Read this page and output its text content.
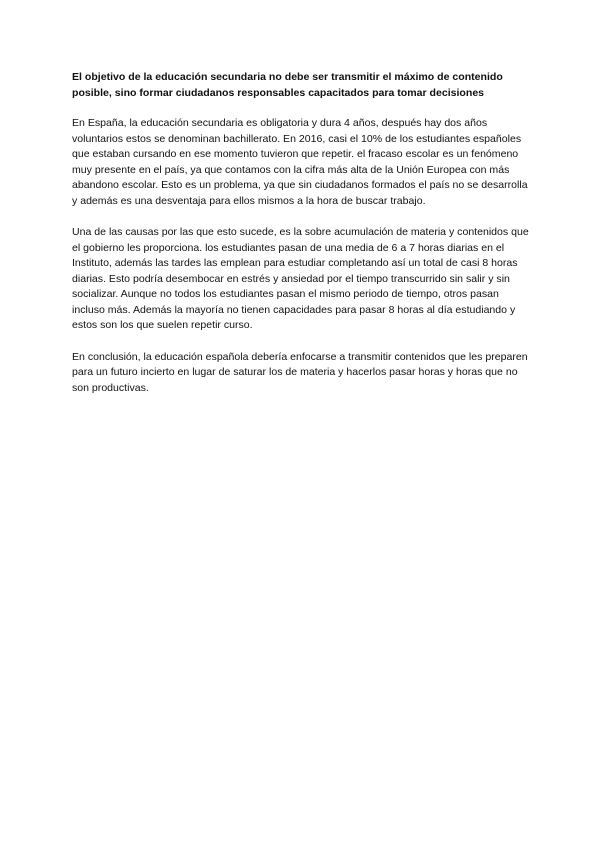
El objetivo de la educación secundaria no debe ser transmitir el máximo de contenido posible, sino formar ciudadanos responsables capacitados para tomar decisiones

En España, la educación secundaria es obligatoria y dura 4 años, después hay dos años voluntarios estos se denominan bachillerato. En 2016, casi el 10% de los estudiantes españoles que estaban cursando en ese momento tuvieron que repetir. el fracaso escolar es un fenómeno muy presente en el país, ya que contamos con la cifra más alta de la Unión Europea con más abandono escolar. Esto es un problema, ya que sin ciudadanos formados el país no se desarrolla y además es una desventaja para ellos mismos a la hora de buscar trabajo.

Una de las causas por las que esto sucede, es la sobre acumulación de materia y contenidos que el gobierno les proporciona. los estudiantes pasan de una media de 6 a 7 horas diarias en el Instituto, además las tardes las emplean para estudiar completando así un total de casi 8 horas diarias. Esto podría desembocar en estrés y ansiedad por el tiempo transcurrido sin salir y sin socializar. Aunque no todos los estudiantes pasan el mismo periodo de tiempo, otros pasan incluso más. Además la mayoría no tienen capacidades para pasar 8 horas al día estudiando y estos son los que suelen repetir curso.

En conclusión, la educación española debería enfocarse a transmitir contenidos que les preparen para un futuro incierto en lugar de saturar los de materia y hacerlos pasar horas y horas que no son productivas.
